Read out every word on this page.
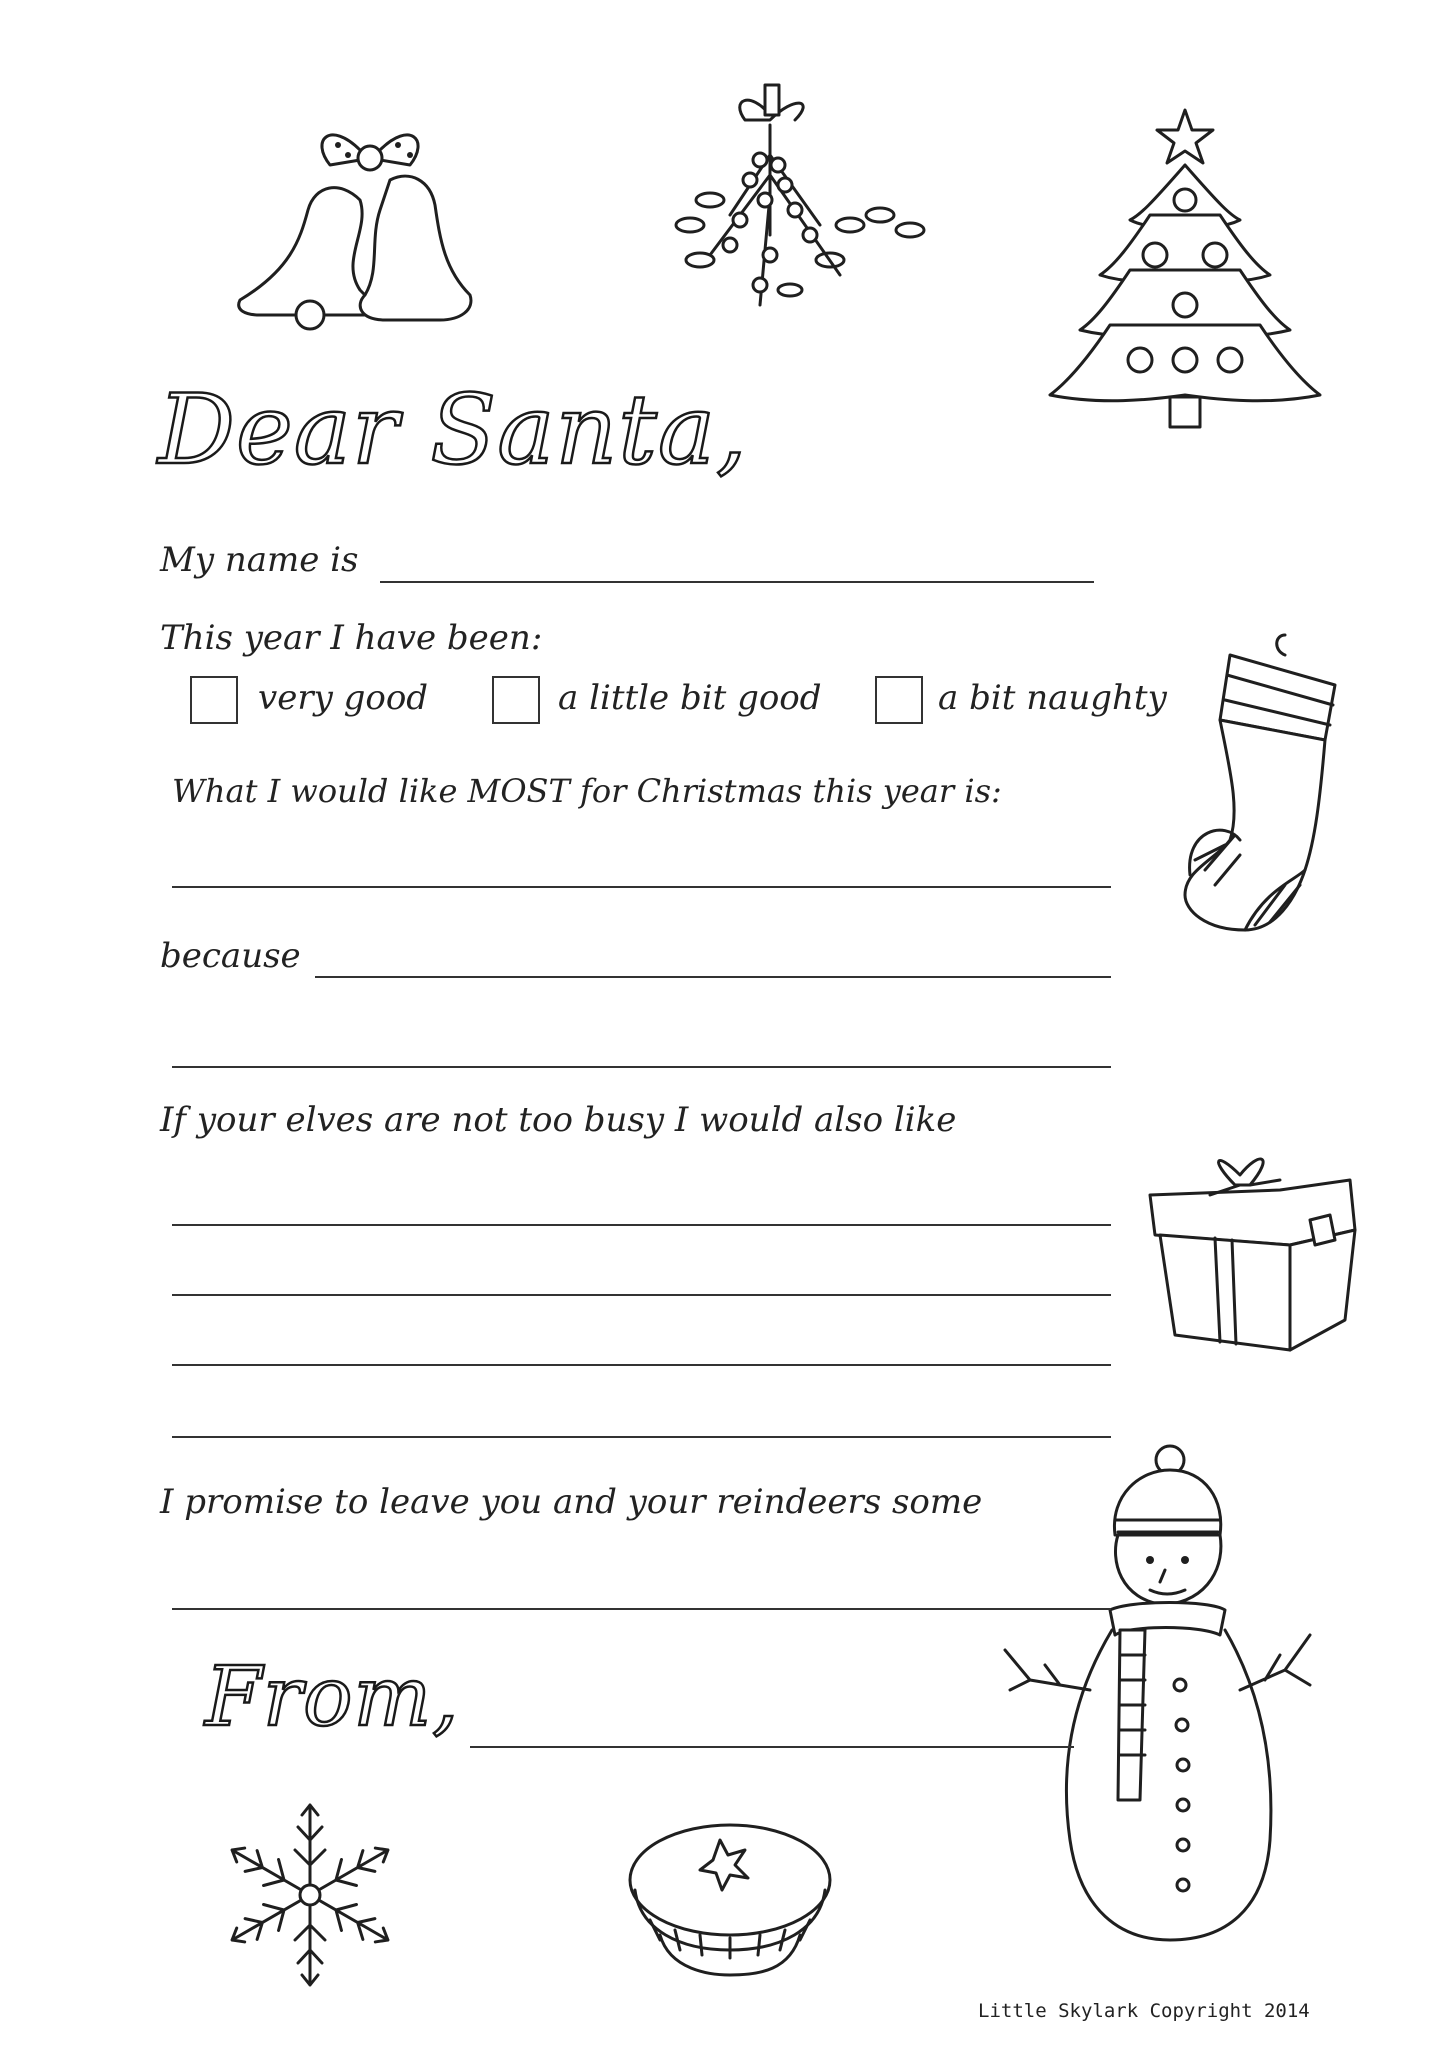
Dear Santa,
My name is
This year I have been:
very good	a little bit good	a bit naughty
What I would like MOST for Christmas this year is:
because
If your elves are not too busy I would also like
I promise to leave you and your reindeers some
From,
Little Skylark Copyright 2014
